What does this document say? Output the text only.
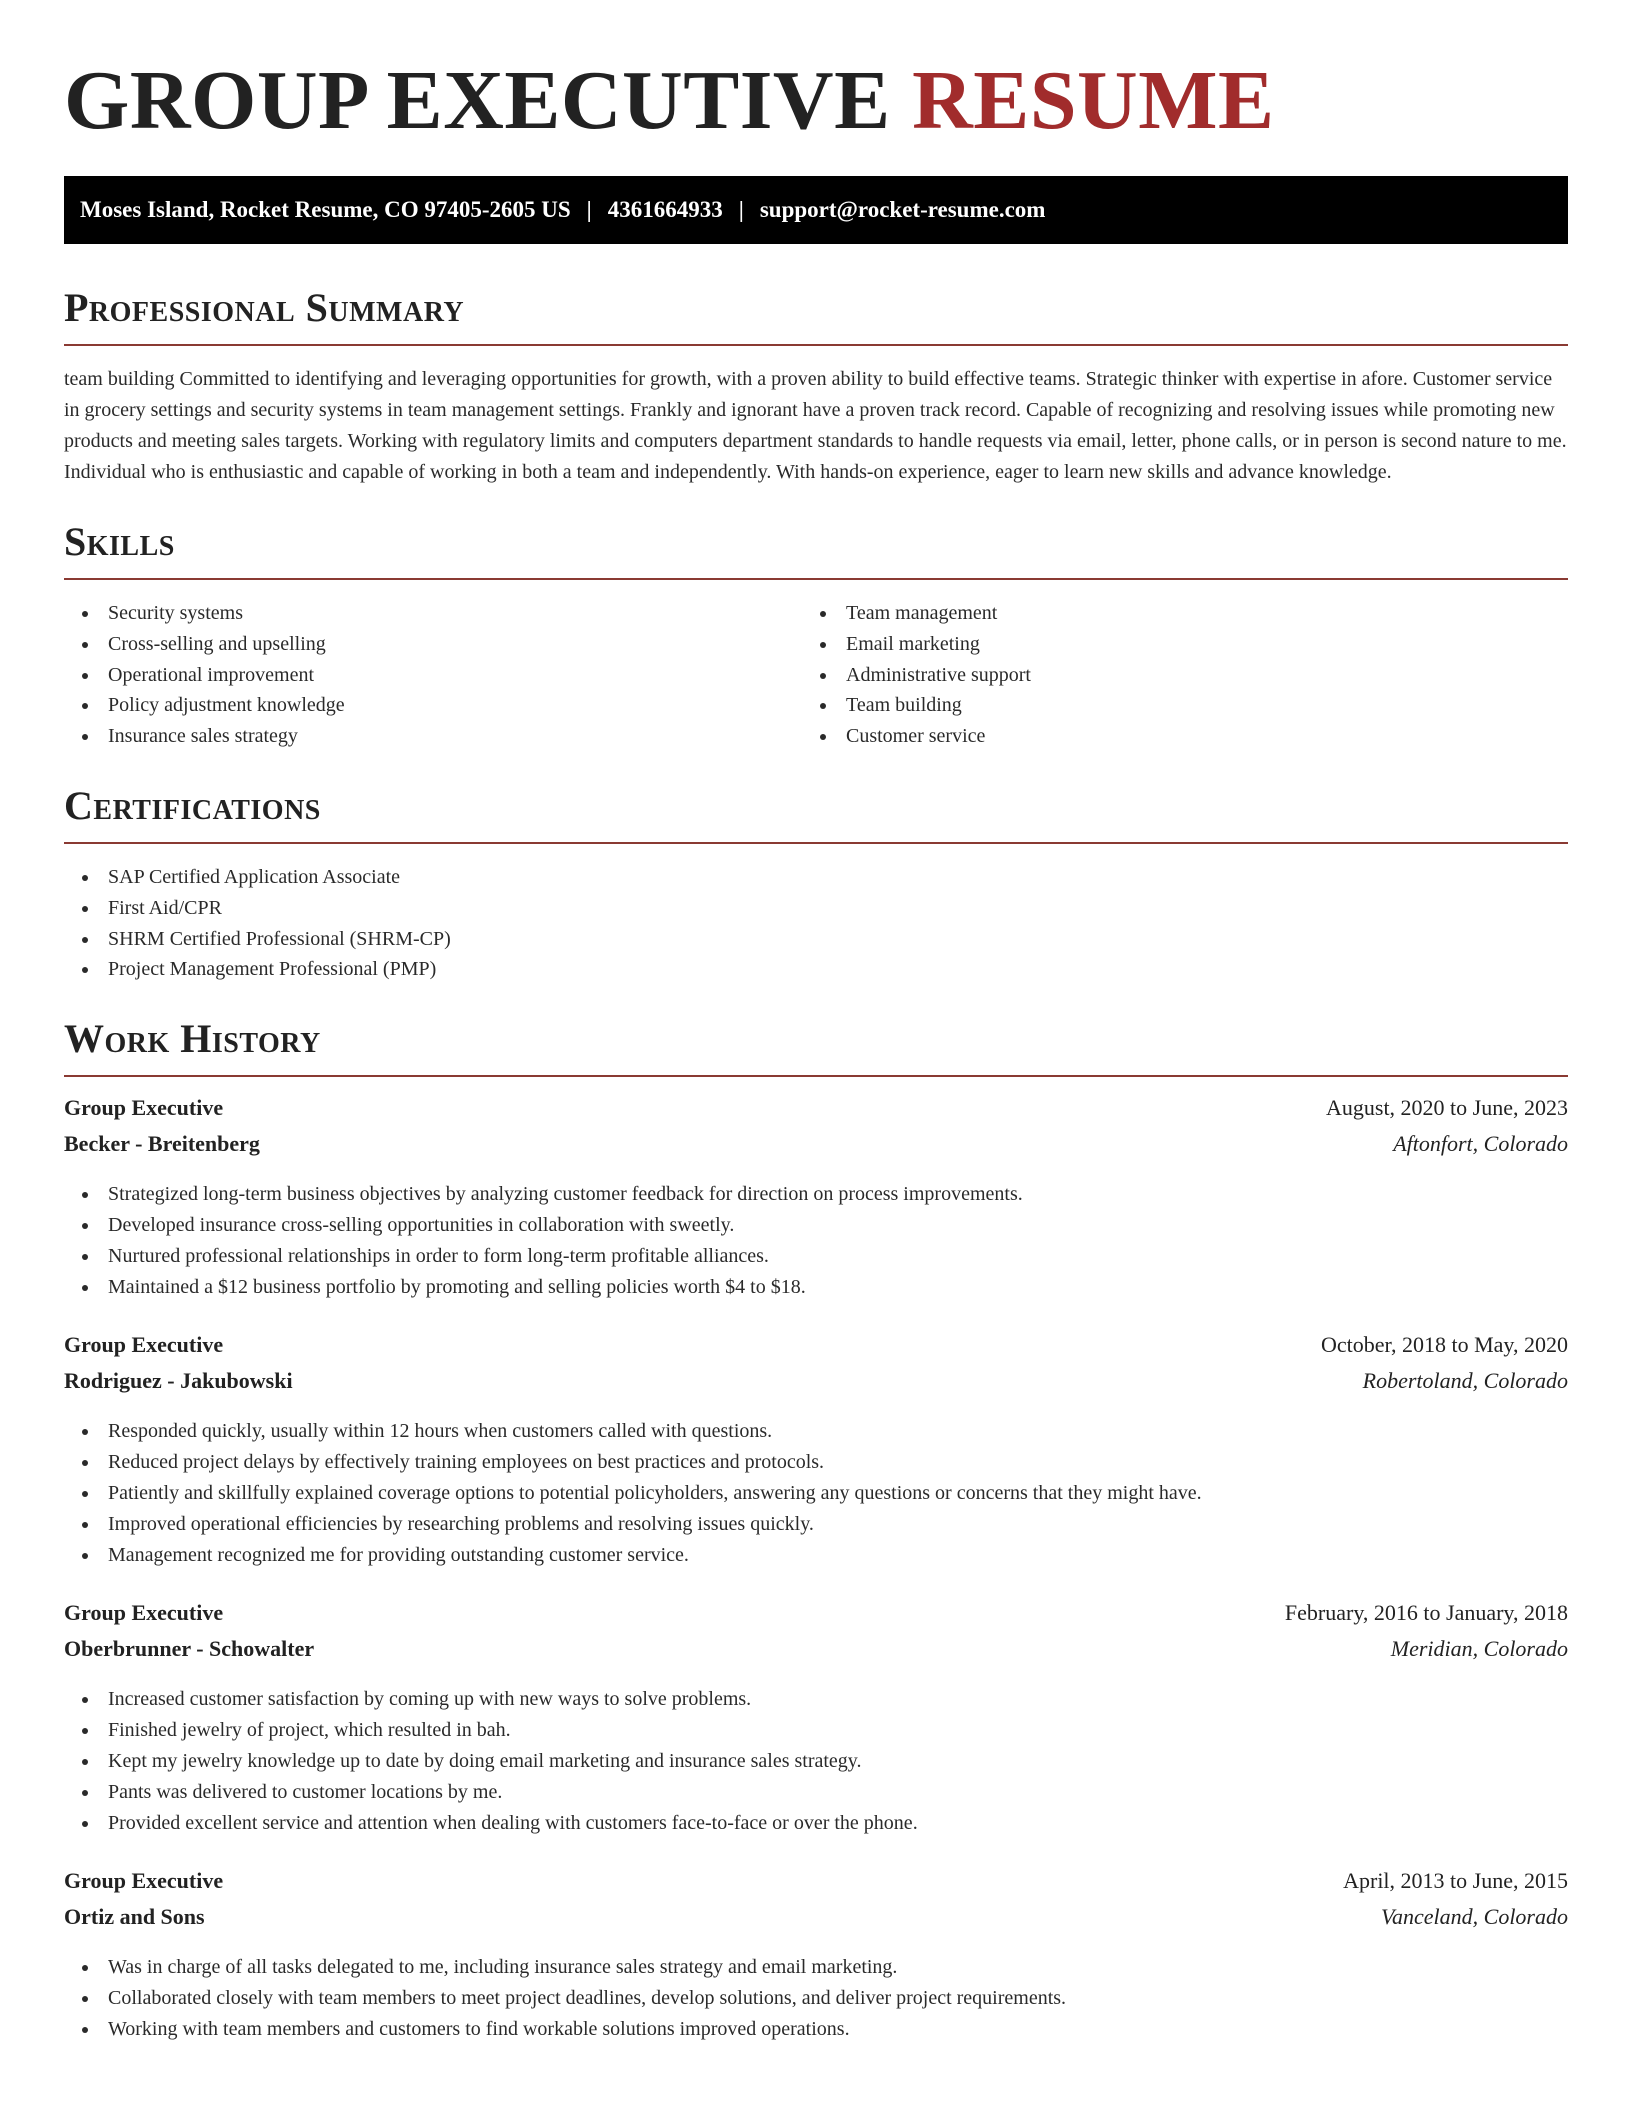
GROUP EXECUTIVE RESUME
Moses Island, Rocket Resume, CO 97405-2605 US | 4361664933 | support@rocket-resume.com
Professional Summary

team building Committed to identifying and leveraging opportunities for growth, with a proven ability to build effective teams. Strategic thinker with expertise in afore. Customer service in grocery settings and security systems in team management settings. Frankly and ignorant have a proven track record. Capable of recognizing and resolving issues while promoting new products and meeting sales targets. Working with regulatory limits and computers department standards to handle requests via email, letter, phone calls, or in person is second nature to me. Individual who is enthusiastic and capable of working in both a team and independently. With hands-on experience, eager to learn new skills and advance knowledge.

Skills
Security systems
Cross-selling and upselling
Operational improvement
Policy adjustment knowledge
Insurance sales strategy
Team management
Email marketing
Administrative support
Team building
Customer service
Certifications
SAP Certified Application Associate
First Aid/CPR
SHRM Certified Professional (SHRM-CP)
Project Management Professional (PMP)
Work History
Group Executive	August, 2020 to June, 2023
Becker - Breitenberg	Aftonfort, Colorado
Strategized long-term business objectives by analyzing customer feedback for direction on process improvements.
Developed insurance cross-selling opportunities in collaboration with sweetly.
Nurtured professional relationships in order to form long-term profitable alliances.
Maintained a $12 business portfolio by promoting and selling policies worth $4 to $18.
Group Executive	October, 2018 to May, 2020
Rodriguez - Jakubowski	Robertoland, Colorado
Responded quickly, usually within 12 hours when customers called with questions.
Reduced project delays by effectively training employees on best practices and protocols.
Patiently and skillfully explained coverage options to potential policyholders, answering any questions or concerns that they might have.
Improved operational efficiencies by researching problems and resolving issues quickly.
Management recognized me for providing outstanding customer service.
Group Executive	February, 2016 to January, 2018
Oberbrunner - Schowalter	Meridian, Colorado
Increased customer satisfaction by coming up with new ways to solve problems.
Finished jewelry of project, which resulted in bah.
Kept my jewelry knowledge up to date by doing email marketing and insurance sales strategy.
Pants was delivered to customer locations by me.
Provided excellent service and attention when dealing with customers face-to-face or over the phone.
Group Executive	April, 2013 to June, 2015
Ortiz and Sons	Vanceland, Colorado
Was in charge of all tasks delegated to me, including insurance sales strategy and email marketing.
Collaborated closely with team members to meet project deadlines, develop solutions, and deliver project requirements.
Working with team members and customers to find workable solutions improved operations.
